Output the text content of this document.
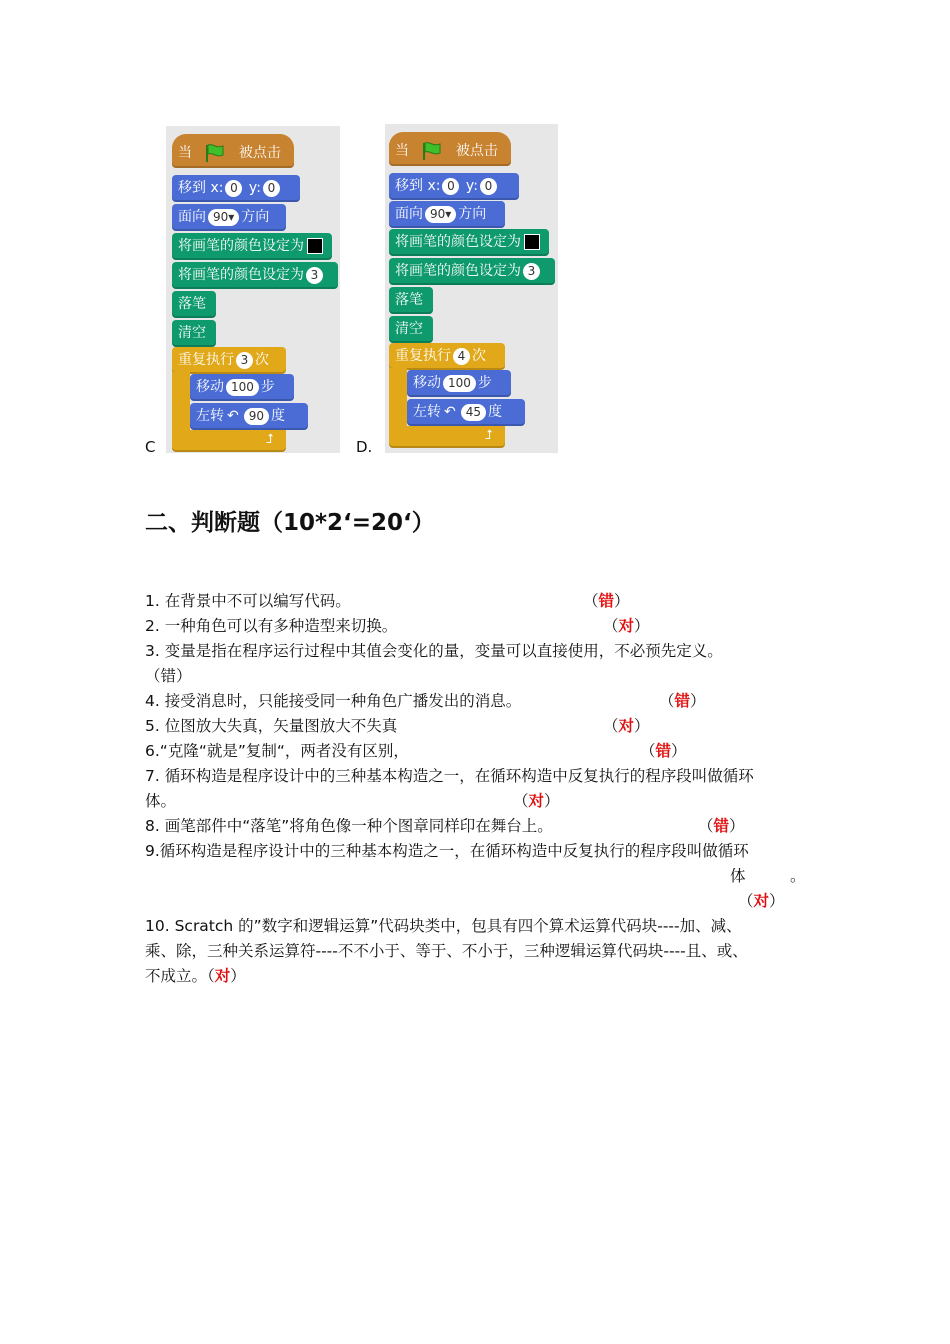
当	被点击
移到 x: 0 y: 0
面向 90▾ 方向
将画笔的颜色设定为
将画笔的颜色设定为 3
落笔
清空
重复执行 3 次
移动 100 步
左转 ↶ 90 度
⮥
C
当	被点击
移到 x: 0 y: 0
面向 90▾ 方向
将画笔的颜色设定为
将画笔的颜色设定为 3
落笔
清空
重复执行 4 次
移动 100 步
左转 ↶ 45 度
⮥
D.
二、判断题（10*2‘=20‘）
1. 在背景中不可以编写代码。	（错）
2. 一种角色可以有多种造型来切换。	（对）
3. 变量是指在程序运行过程中其值会变化的量，变量可以直接使用，不必预先定义。
（错）
4. 接受消息时，只能接受同一种角色广播发出的消息。	（错）
5. 位图放大失真，矢量图放大不失真	（对）
6.“克隆“就是”复制“，两者没有区别，	（错）
7. 循环构造是程序设计中的三种基本构造之一，在循环构造中反复执行的程序段叫做循环
体。	（对）
8. 画笔部件中“落笔”将角色像一种个图章同样印在舞台上。	（错）
9.循环构造是程序设计中的三种基本构造之一，在循环构造中反复执行的程序段叫做循环
体	。
（对）
10. Scratch 的”数字和逻辑运算”代码块类中，包具有四个算术运算代码块----加、减、
乘、除，三种关系运算符----不不小于、等于、不小于，三种逻辑运算代码块----且、或、
不成立。（对）
